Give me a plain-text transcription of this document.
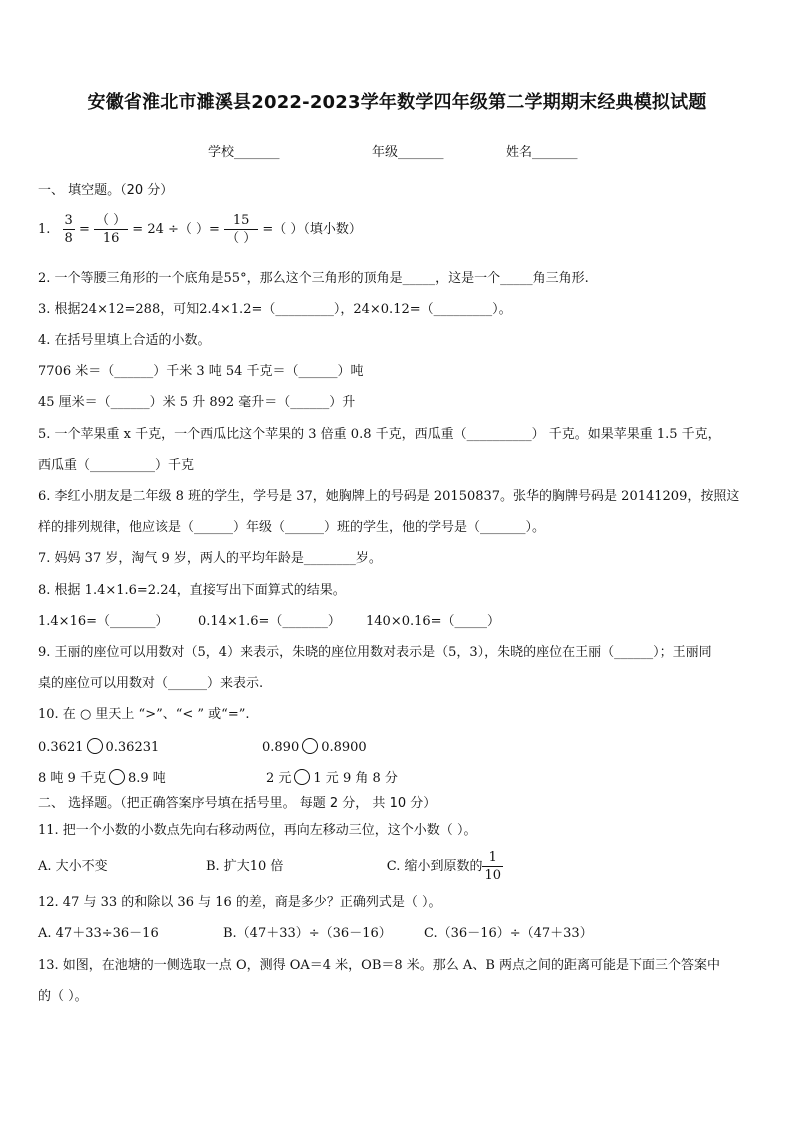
安徽省淮北市濉溪县2022-2023学年数学四年级第二学期期末经典模拟试题
学校_______	年级_______	姓名_______
一、 填空题。（20 分）
1. $\frac{3}{8} = \frac{( )}{16} = 24$ ÷（ ）= $\frac{15}{( )}$ =（ ）（填小数）
2. 一个等腰三角形的一个底角是55°，那么这个三角形的顶角是_____，这是一个_____角三角形.
3. 根据24×12=288，可知2.4×1.2=（_________），24×0.12=（_________）。
4. 在括号里填上合适的小数。
7706 米＝（______）千米 3 吨 54 千克＝（______）吨
45 厘米＝（______）米 5 升 892 毫升＝（______）升
5. 一个苹果重 x 千克，一个西瓜比这个苹果的 3 倍重 0.8 千克，西瓜重（__________） 千克。如果苹果重 1.5 千克，
西瓜重（__________）千克
6. 李红小朋友是二年级 8 班的学生，学号是 37，她胸牌上的号码是 20150837。张华的胸牌号码是 20141209，按照这
样的排列规律，他应该是（______）年级（______）班的学生，他的学号是（_______）。
7. 妈妈 37 岁，淘气 9 岁，两人的平均年龄是________岁。
8. 根据 1.4×1.6=2.24，直接写出下面算式的结果。
1.4×16=（_______） 0.14×1.6=（_______） 140×0.16=（_____）
9. 王丽的座位可以用数对（5，4）来表示，朱晓的座位用数对表示是（5，3），朱晓的座位在王丽（______）；王丽同
桌的座位可以用数对（______）来表示.
10. 在 ○ 里天上 “>”、“< ” 或“=”.
0.3621 0.36231	0.890 0.8900
8 吨 9 千克 8.9 吨	2 元 1 元 9 角 8 分
二、 选择题。（把正确答案序号填在括号里。 每题 2 分， 共 10 分）
11. 把一个小数的小数点先向右移动两位，再向左移动三位，这个小数（ ）。
A. 大小不变	B. 扩大10 倍	C. 缩小到原数的 $\frac{1}{10}$
12. 47 与 33 的和除以 36 与 16 的差，商是多少？正确列式是（ ）。
A. 47＋33÷36－16	B.（47＋33）÷（36－16） C.（36－16）÷（47＋33）
13. 如图，在池塘的一侧选取一点 O，测得 OA＝4 米，OB＝8 米。那么 A、B 两点之间的距离可能是下面三个答案中
的（ ）。
